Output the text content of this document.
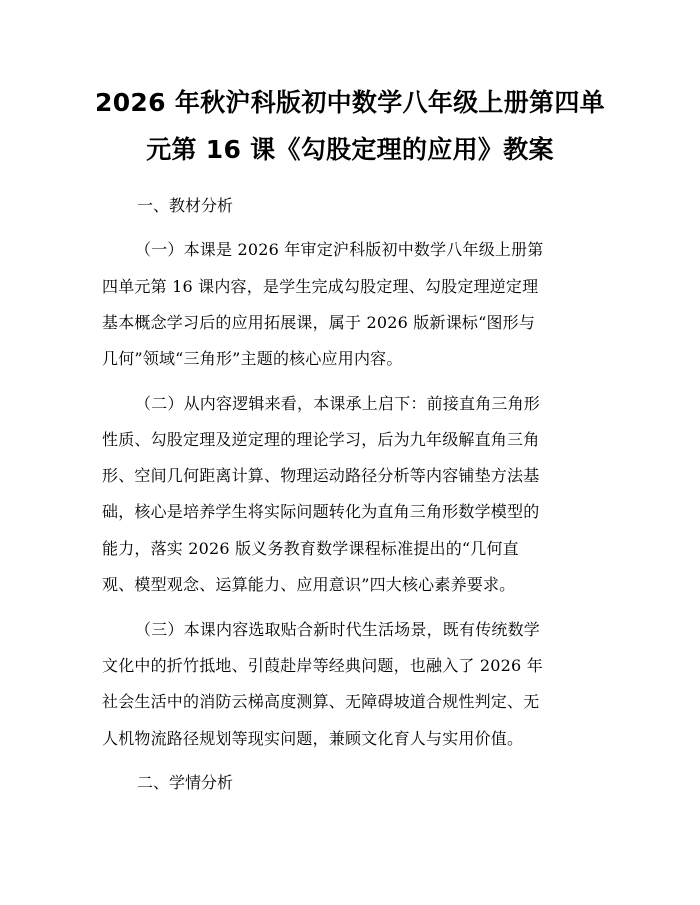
2026 年秋沪科版初中数学八年级上册第四单
元第 16 课《勾股定理的应用》教案
一、教材分析
（一）本课是 2026 年审定沪科版初中数学八年级上册第
四单元第 16 课内容，是学生完成勾股定理、勾股定理逆定理
基本概念学习后的应用拓展课，属于 2026 版新课标“图形与
几何”领域“三角形”主题的核心应用内容。
（二）从内容逻辑来看，本课承上启下：前接直角三角形
性质、勾股定理及逆定理的理论学习，后为九年级解直角三角
形、空间几何距离计算、物理运动路径分析等内容铺垫方法基
础，核心是培养学生将实际问题转化为直角三角形数学模型的
能力，落实 2026 版义务教育数学课程标准提出的“几何直
观、模型观念、运算能力、应用意识”四大核心素养要求。
（三）本课内容选取贴合新时代生活场景，既有传统数学
文化中的折竹抵地、引葭赴岸等经典问题，也融入了 2026 年
社会生活中的消防云梯高度测算、无障碍坡道合规性判定、无
人机物流路径规划等现实问题，兼顾文化育人与实用价值。
二、学情分析
